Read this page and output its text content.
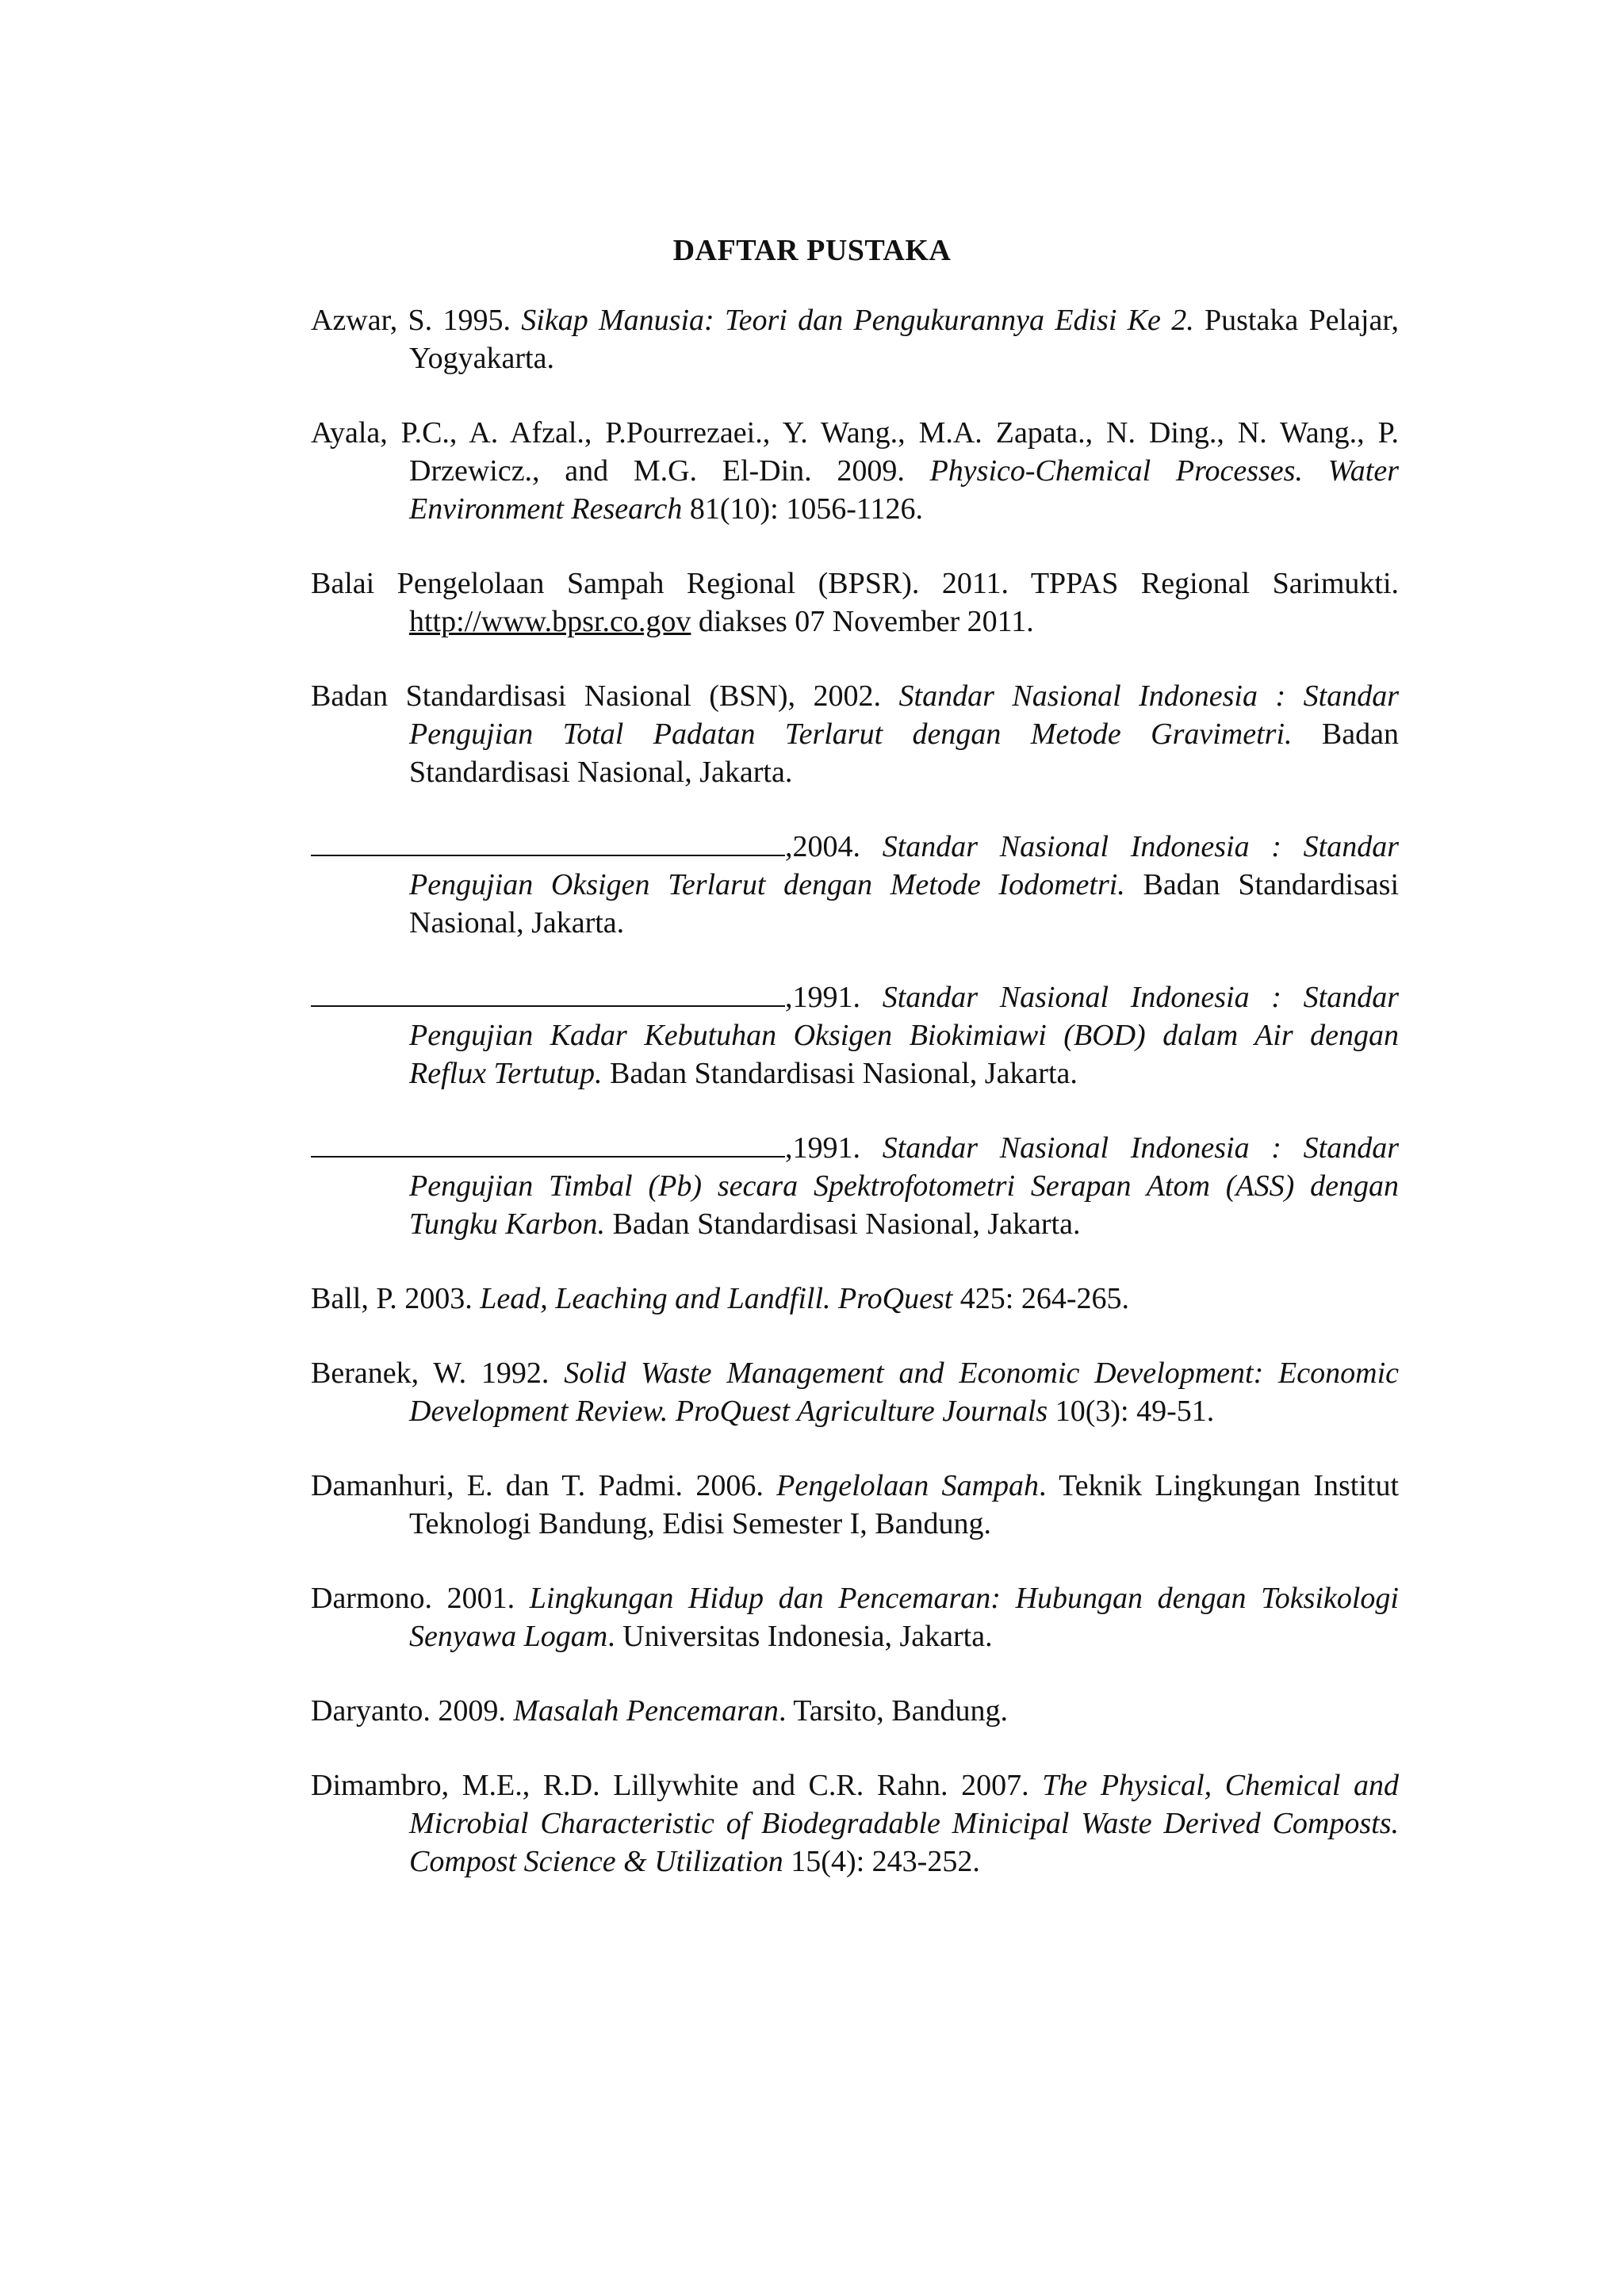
DAFTAR PUSTAKA

Azwar, S. 1995. Sikap Manusia: Teori dan Pengukurannya Edisi Ke 2. Pustaka Pelajar, Yogyakarta.

Ayala, P.C., A. Afzal., P.Pourrezaei., Y. Wang., M.A. Zapata., N. Ding., N. Wang., P. Drzewicz., and M.G. El-Din. 2009. Physico-Chemical Processes. Water Environment Research 81(10): 1056-1126.

Balai Pengelolaan Sampah Regional (BPSR). 2011. TPPAS Regional Sarimukti. http://www.bpsr.co.gov diakses 07 November 2011.

Badan Standardisasi Nasional (BSN), 2002. Standar Nasional Indonesia : Standar Pengujian Total Padatan Terlarut dengan Metode Gravimetri. Badan Standardisasi Nasional, Jakarta.

,2004. Standar Nasional Indonesia : Standar Pengujian Oksigen Terlarut dengan Metode Iodometri. Badan Standardisasi Nasional, Jakarta.

,1991. Standar Nasional Indonesia : Standar Pengujian Kadar Kebutuhan Oksigen Biokimiawi (BOD) dalam Air dengan Reflux Tertutup. Badan Standardisasi Nasional, Jakarta.

,1991. Standar Nasional Indonesia : Standar Pengujian Timbal (Pb) secara Spektrofotometri Serapan Atom (ASS) dengan Tungku Karbon. Badan Standardisasi Nasional, Jakarta.

Ball, P. 2003. Lead, Leaching and Landfill. ProQuest 425: 264-265.

Beranek, W. 1992. Solid Waste Management and Economic Development: Economic Development Review. ProQuest Agriculture Journals 10(3): 49-51.

Damanhuri, E. dan T. Padmi. 2006. Pengelolaan Sampah. Teknik Lingkungan Institut Teknologi Bandung, Edisi Semester I, Bandung.

Darmono. 2001. Lingkungan Hidup dan Pencemaran: Hubungan dengan Toksikologi Senyawa Logam. Universitas Indonesia, Jakarta.

Daryanto. 2009. Masalah Pencemaran. Tarsito, Bandung.

Dimambro, M.E., R.D. Lillywhite and C.R. Rahn. 2007. The Physical, Chemical and Microbial Characteristic of Biodegradable Minicipal Waste Derived Composts. Compost Science & Utilization 15(4): 243-252.
